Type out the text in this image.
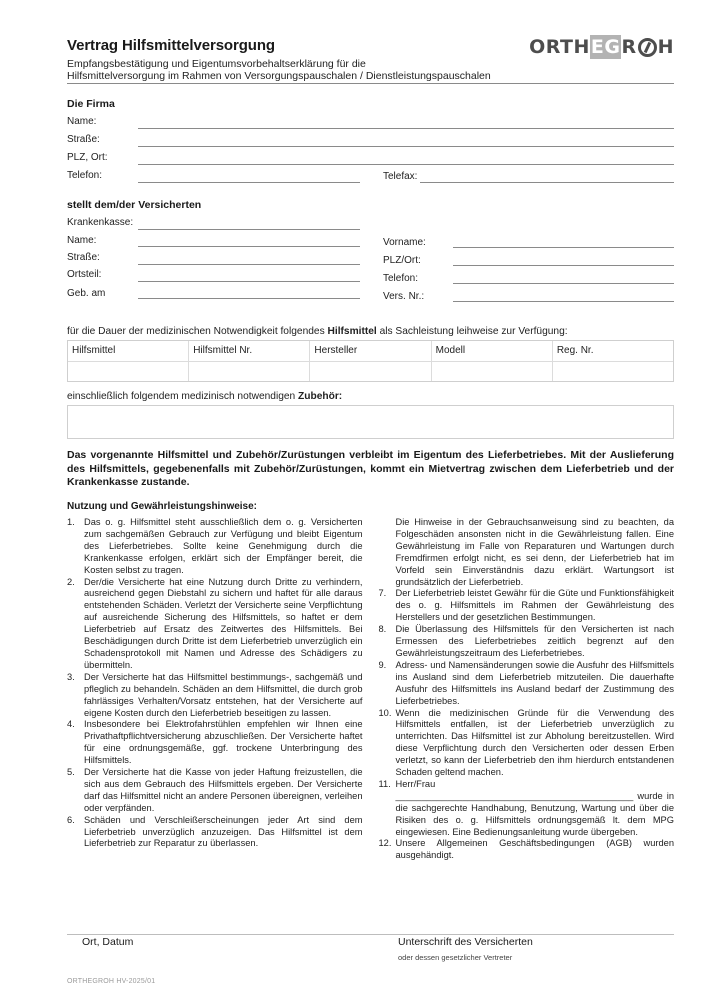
Vertrag Hilfsmittelversorgung
Empfangsbestätigung und Eigentumsvorbehaltserklärung für die
Hilfsmittelversorgung im Rahmen von Versorgungspauschalen / Dienstleistungspauschalen
ORTH EG R H
Die Firma
Name:
Straße:
PLZ, Ort:
Telefon:	Telefax:
stellt dem/der Versicherten
Krankenkasse:
Name:	Vorname:
Straße:	PLZ/Ort:
Ortsteil:	Telefon:
Geb. am	Vers. Nr.:
für die Dauer der medizinischen Notwendigkeit folgendes Hilfsmittel als Sachleistung leihweise zur Verfügung:
Hilfsmittel	Hilfsmittel Nr.	Hersteller	Modell	Reg. Nr.
einschließlich folgendem medizinisch notwendigen Zubehör:
Das vorgenannte Hilfsmittel und Zubehör/Zurüstungen verbleibt im Eigentum des Lieferbetriebes. Mit der Auslieferung des Hilfsmittels, gegebenenfalls mit Zubehör/Zurüstungen, kommt ein Mietvertrag zwischen dem Lieferbetrieb und der Krankenkasse zustande.
Nutzung und Gewährleistungshinweise:
1. Das o. g. Hilfsmittel steht ausschließlich dem o. g. Versicherten zum sachgemäßen Gebrauch zur Verfügung und bleibt Eigentum des Lieferbetriebes. Sollte keine Genehmigung durch die Krankenkasse erfolgen, erklärt sich der Empfänger bereit, die Kosten selbst zu tragen.
2. Der/die Versicherte hat eine Nutzung durch Dritte zu verhindern, ausreichend gegen Diebstahl zu sichern und haftet für alle daraus entstehenden Schäden. Verletzt der Versicherte seine Verpflichtung auf ausreichende Sicherung des Hilfsmittels, so haftet er dem Lieferbetrieb auf Ersatz des Zeitwertes des Hilfsmittels. Bei Beschädigungen durch Dritte ist dem Lieferbetrieb unverzüglich ein Schadensprotokoll mit Namen und Adresse des Schädigers zu übermitteln.
3. Der Versicherte hat das Hilfsmittel bestimmungs-, sachgemäß und pfleglich zu behandeln. Schäden an dem Hilfsmittel, die durch grob fahrlässiges Verhalten/Vorsatz entstehen, hat der Versicherte auf eigene Kosten durch den Lieferbetrieb beseitigen zu lassen.
4. Insbesondere bei Elektrofahrstühlen empfehlen wir Ihnen eine Privathaftpflichtversicherung abzuschließen. Der Versicherte haftet für eine ordnungsgemäße, ggf. trockene Unterbringung des Hilfsmittels.
5. Der Versicherte hat die Kasse von jeder Haftung freizustellen, die sich aus dem Gebrauch des Hilfsmittels ergeben. Der Versicherte darf das Hilfsmittel nicht an andere Personen übereignen, verleihen oder verpfänden.
6. Schäden und Verschleißerscheinungen jeder Art sind dem Lieferbetrieb unverzüglich anzuzeigen. Das Hilfsmittel ist dem Lieferbetrieb zur Reparatur zu überlassen.
Die Hinweise in der Gebrauchsanweisung sind zu beachten, da Folgeschäden ansonsten nicht in die Gewährleistung fallen. Eine Gewährleistung im Falle von Reparaturen und Wartungen durch Fremdfirmen erfolgt nicht, es sei denn, der Lieferbetrieb hat im Vorfeld sein Einverständnis dazu erklärt. Wartungsort ist grundsätzlich der Lieferbetrieb.
7. Der Lieferbetrieb leistet Gewähr für die Güte und Funktionsfähigkeit des o. g. Hilfsmittels im Rahmen der Gewährleistung des Herstellers und der gesetzlichen Bestimmungen.
8. Die Überlassung des Hilfsmittels für den Versicherten ist nach Ermessen des Lieferbetriebes zeitlich begrenzt auf den Gewährleistungszeitraum des Lieferbetriebes.
9. Adress- und Namensänderungen sowie die Ausfuhr des Hilfsmittels ins Ausland sind dem Lieferbetrieb mitzuteilen. Die dauerhafte Ausfuhr des Hilfsmittels ins Ausland bedarf der Zustimmung des Lieferbetriebes.
10. Wenn die medizinischen Gründe für die Verwendung des Hilfsmittels entfallen, ist der Lieferbetrieb unverzüglich zu unterrichten. Das Hilfsmittel ist zur Abholung bereitzustellen. Wird diese Verpflichtung durch den Versicherten oder dessen Erben verletzt, so kann der Lieferbetrieb den ihm hierdurch entstandenen Schaden geltend machen.
11. Herr/Frau ______________________________________________ wurde in die sachgerechte Handhabung, Benutzung, Wartung und über die Risiken des o. g. Hilfsmittels ordnungsgemäß lt. dem MPG eingewiesen. Eine Bedienungsanleitung wurde übergeben.
12. Unsere Allgemeinen Geschäftsbedingungen (AGB) wurden ausgehändigt.
Ort, Datum	Unterschrift des Versicherten
oder dessen gesetzlicher Vertreter
ORTHEGROH HV-2025/01
